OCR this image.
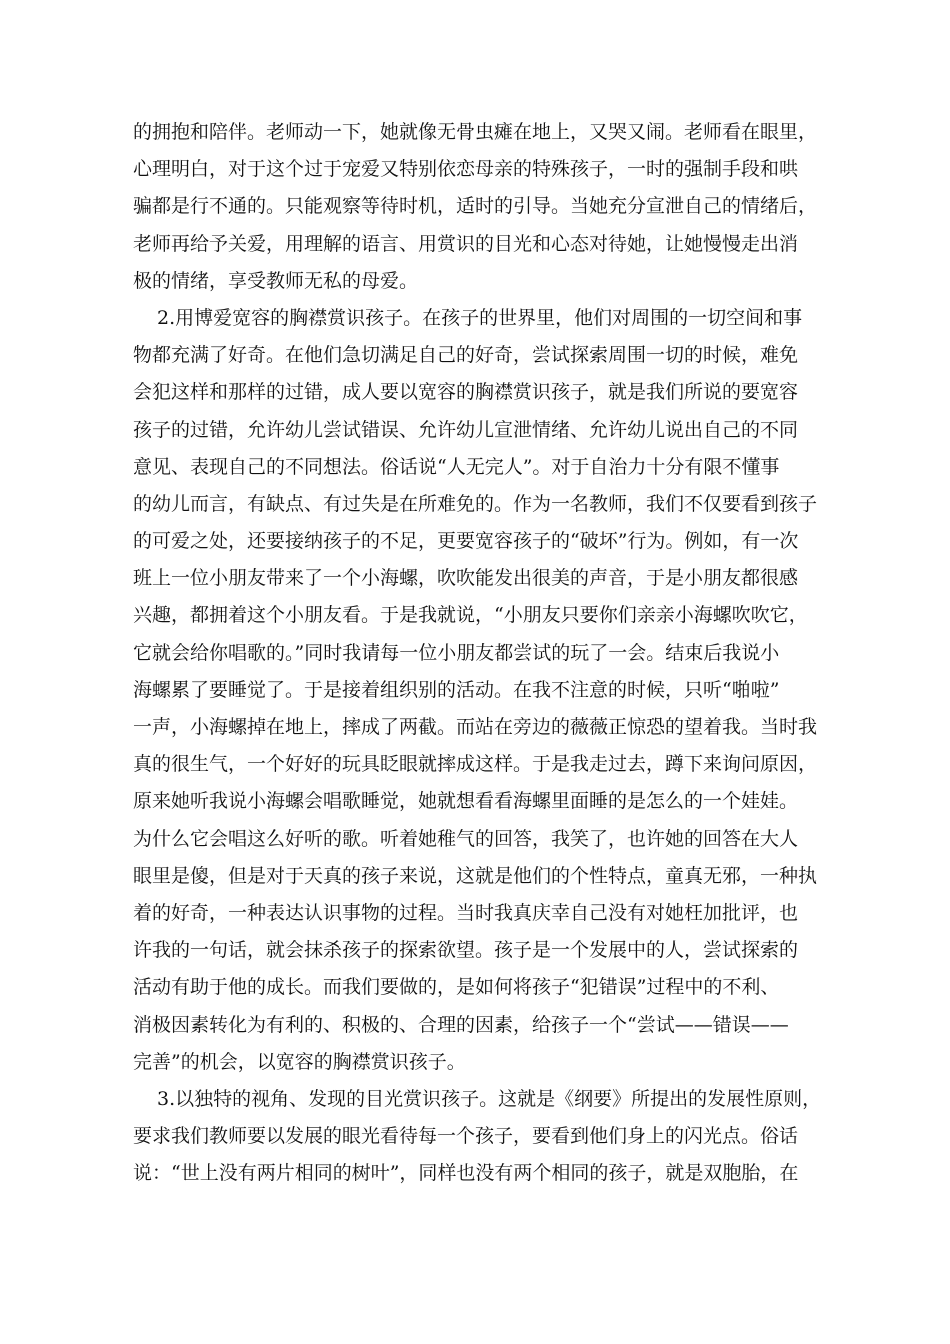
的拥抱和陪伴。老师动一下，她就像无骨虫瘫在地上，又哭又闹。老师看在眼里，
心理明白，对于这个过于宠爱又特别依恋母亲的特殊孩子，一时的强制手段和哄
骗都是行不通的。只能观察等待时机，适时的引导。当她充分宣泄自己的情绪后，
老师再给予关爱，用理解的语言、用赏识的目光和心态对待她，让她慢慢走出消
极的情绪，享受教师无私的母爱。
2.用博爱宽容的胸襟赏识孩子。在孩子的世界里，他们对周围的一切空间和事
物都充满了好奇。在他们急切满足自己的好奇，尝试探索周围一切的时候，难免
会犯这样和那样的过错，成人要以宽容的胸襟赏识孩子，就是我们所说的要宽容
孩子的过错，允许幼儿尝试错误、允许幼儿宣泄情绪、允许幼儿说出自己的不同
意见、表现自己的不同想法。俗话说“人无完人”。对于自治力十分有限不懂事
的幼儿而言，有缺点、有过失是在所难免的。作为一名教师，我们不仅要看到孩子
的可爱之处，还要接纳孩子的不足，更要宽容孩子的“破坏”行为。例如，有一次
班上一位小朋友带来了一个小海螺，吹吹能发出很美的声音，于是小朋友都很感
兴趣，都拥着这个小朋友看。于是我就说，“小朋友只要你们亲亲小海螺吹吹它，
它就会给你唱歌的。”同时我请每一位小朋友都尝试的玩了一会。结束后我说小
海螺累了要睡觉了。于是接着组织别的活动。在我不注意的时候，只听“啪啦”
一声，小海螺掉在地上，摔成了两截。而站在旁边的薇薇正惊恐的望着我。当时我
真的很生气，一个好好的玩具眨眼就摔成这样。于是我走过去，蹲下来询问原因，
原来她听我说小海螺会唱歌睡觉，她就想看看海螺里面睡的是怎么的一个娃娃。
为什么它会唱这么好听的歌。听着她稚气的回答，我笑了，也许她的回答在大人
眼里是傻，但是对于天真的孩子来说，这就是他们的个性特点，童真无邪，一种执
着的好奇，一种表达认识事物的过程。当时我真庆幸自己没有对她枉加批评，也
许我的一句话，就会抹杀孩子的探索欲望。孩子是一个发展中的人，尝试探索的
活动有助于他的成长。而我们要做的，是如何将孩子“犯错误”过程中的不利、
消极因素转化为有利的、积极的、合理的因素，给孩子一个“尝试——错误——
完善”的机会，以宽容的胸襟赏识孩子。
3.以独特的视角、发现的目光赏识孩子。这就是《纲要》所提出的发展性原则，
要求我们教师要以发展的眼光看待每一个孩子，要看到他们身上的闪光点。俗话
说：“世上没有两片相同的树叶”，同样也没有两个相同的孩子，就是双胞胎，在
